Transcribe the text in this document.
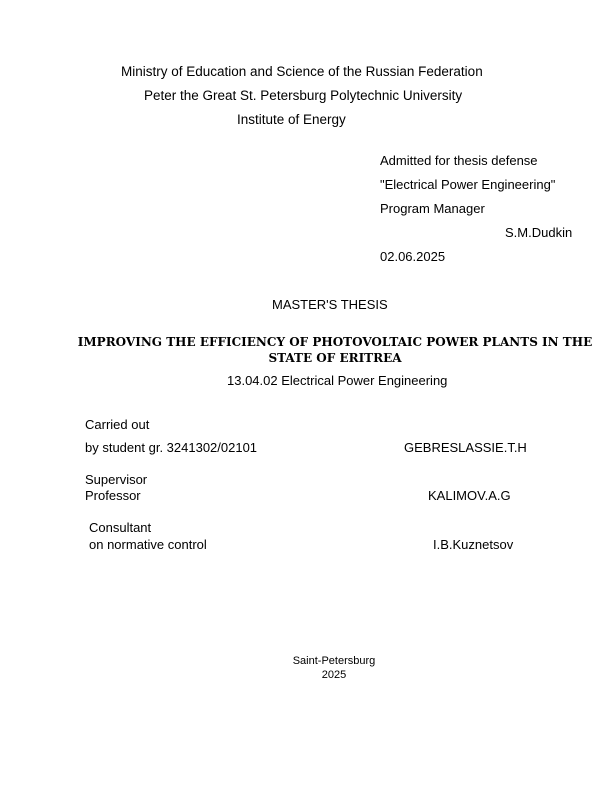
Ministry of Education and Science of the Russian Federation
Peter the Great St. Petersburg Polytechnic University
Institute of Energy
Admitted for thesis defense
"Electrical Power Engineering"
Program Manager
S.M.Dudkin
02.06.2025
MASTER'S THESIS
IMPROVING THE EFFICIENCY OF PHOTOVOLTAIC POWER PLANTS IN THE
STATE OF ERITREA
13.04.02 Electrical Power Engineering
Carried out
by student gr. 3241302/02101	GEBRESLASSIE.T.H
Supervisor
Professor	KALIMOV.A.G
Consultant
on normative control	I.B.Kuznetsov
Saint-Petersburg
2025
